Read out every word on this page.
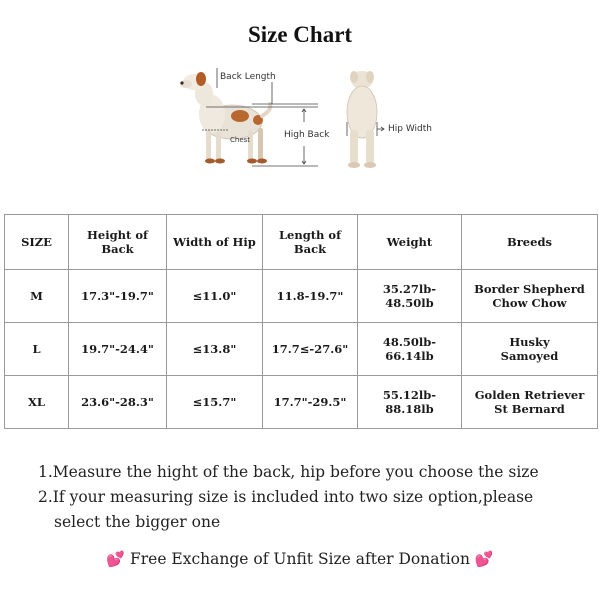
Size Chart
Back Length
High Back
Chest
Hip Width
SIZE	Height of Back	Width of Hip	Length of Back	Weight	Breeds
M	17.3"-19.7"	≤11.0"	11.8-19.7"	35.27lb-48.50lb	Border Shepherd
Chow Chow

L	19.7"-24.4"	≤13.8"	17.7≤-27.6"	48.50lb-66.14lb	Husky
Samoyed

XL	23.6"-28.3"	≤15.7"	17.7"-29.5"	55.12lb-88.18lb	Golden Retriever
St Bernard
1.Measure the hight of the back, hip before you choose the size
2.If your measuring size is included into two size option,please
select the bigger one
💕 Free Exchange of Unfit Size after Donation 💕
